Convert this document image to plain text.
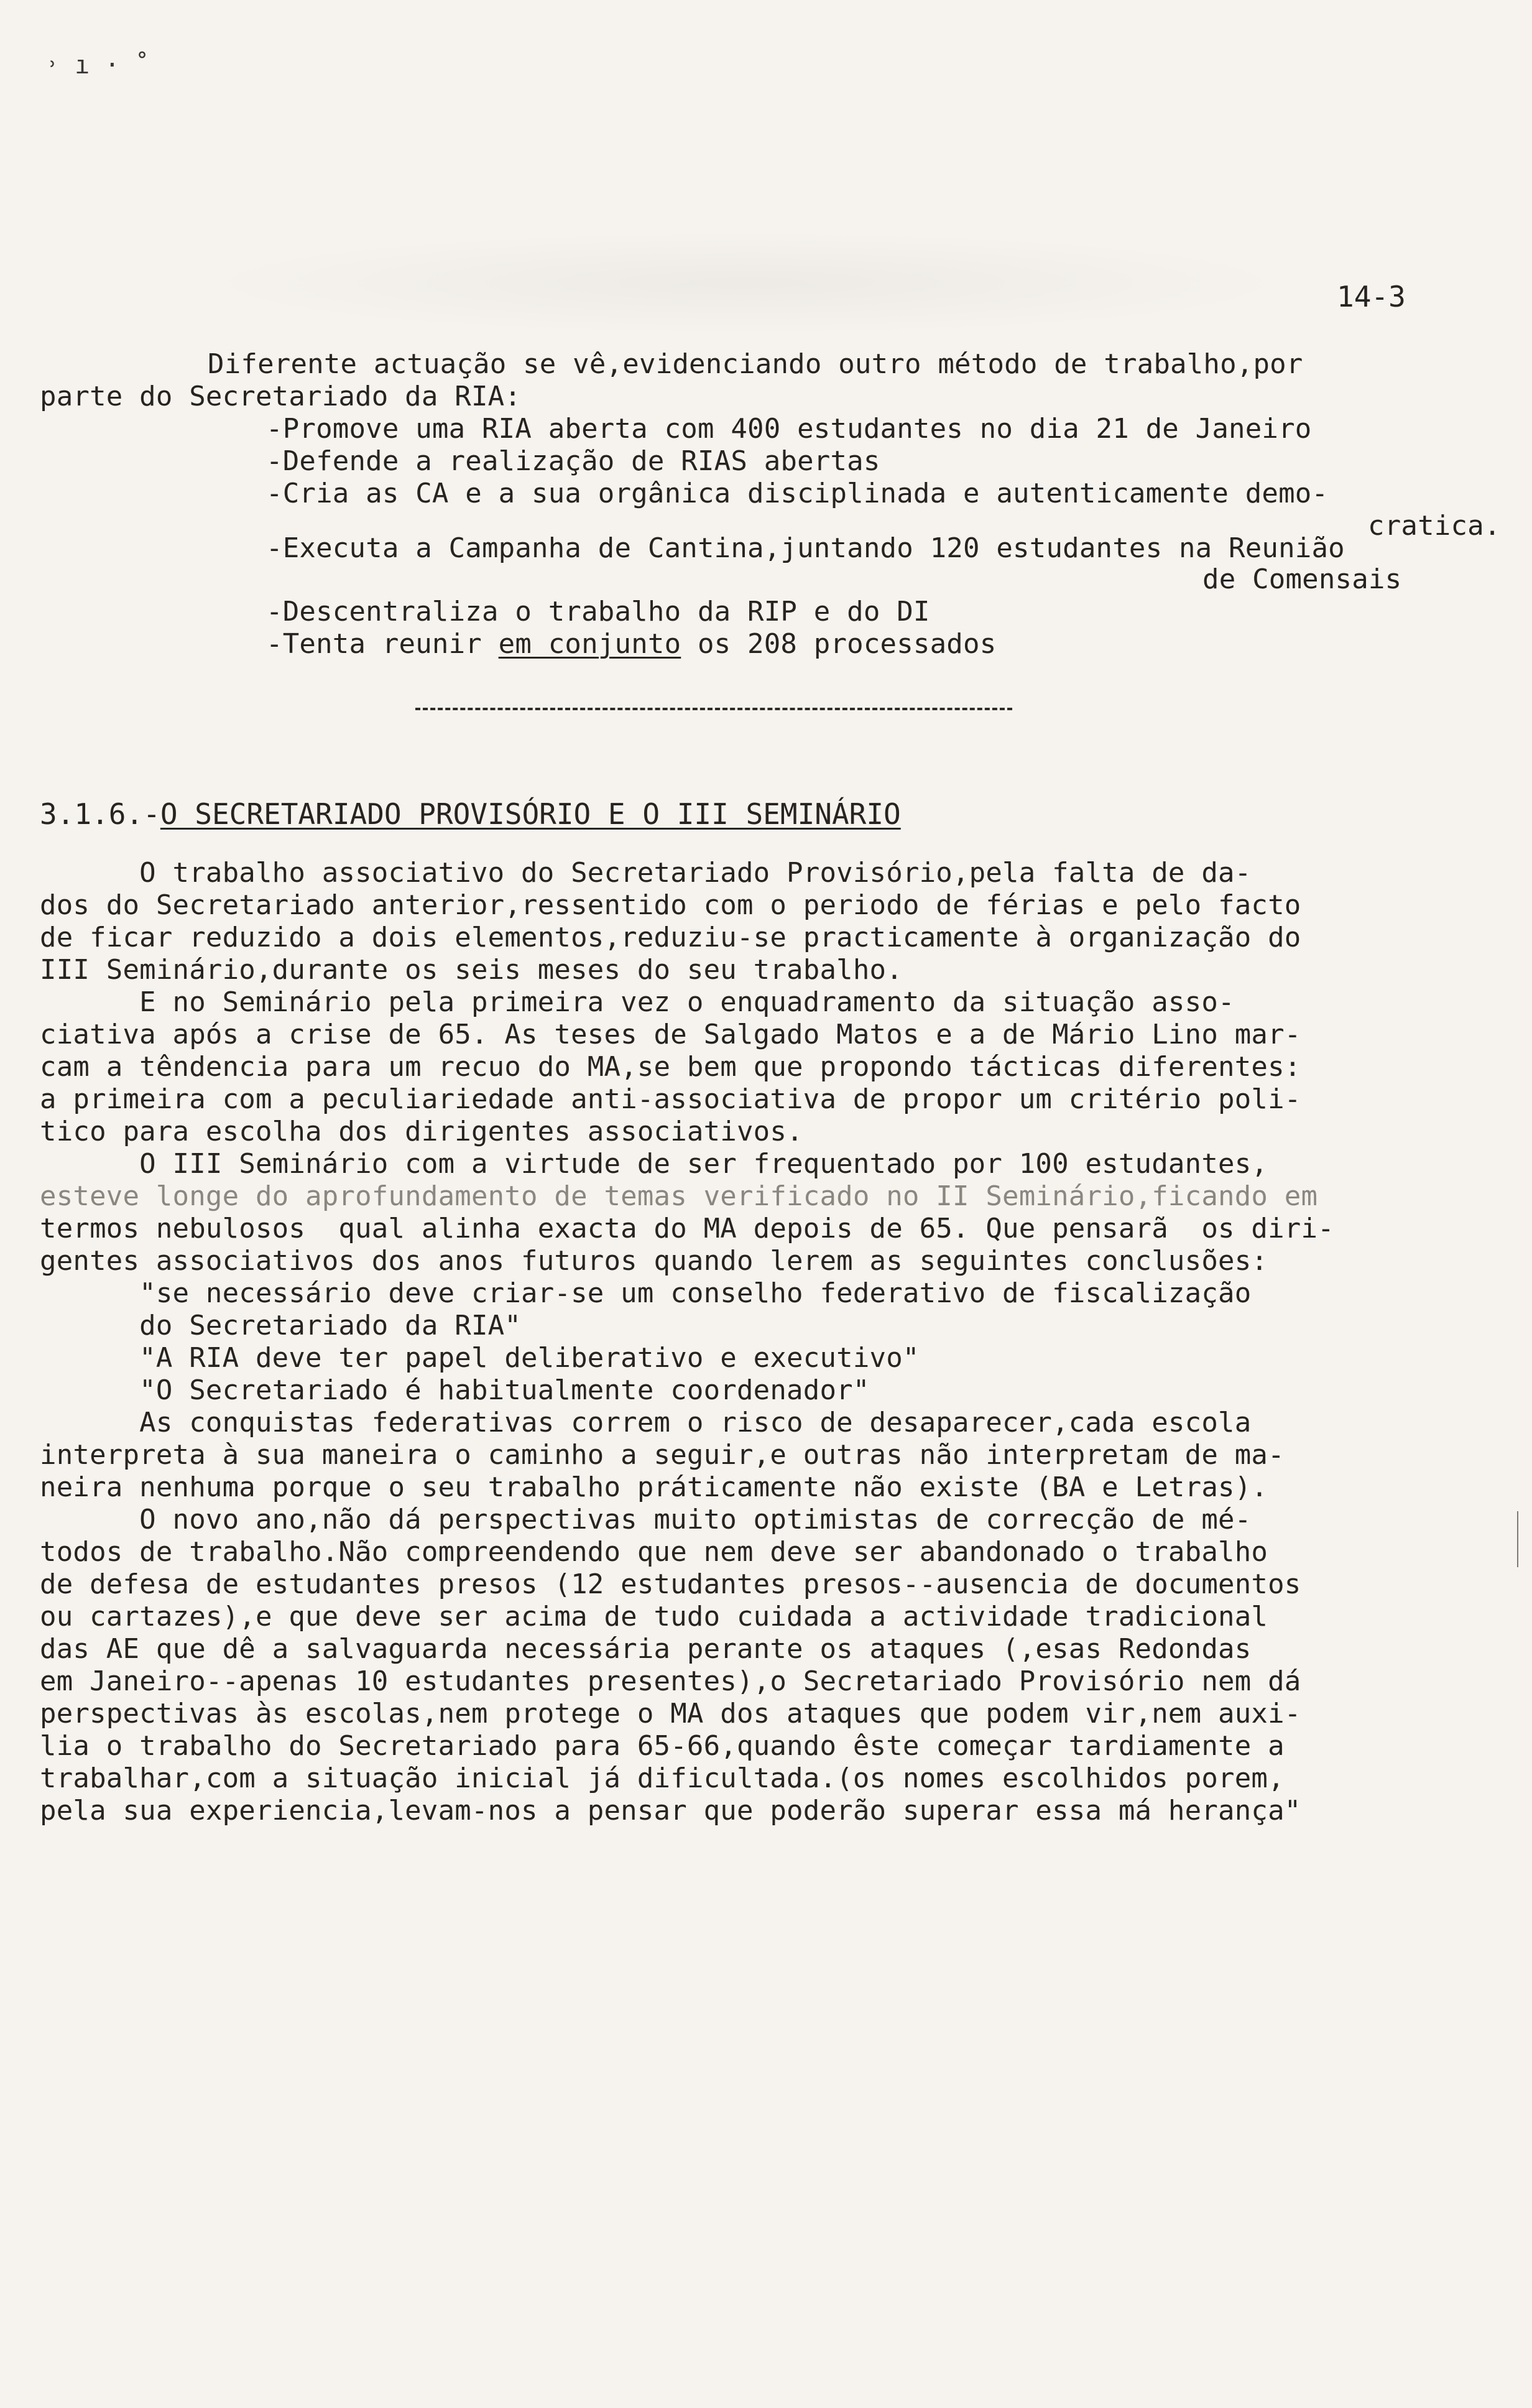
˒ ı · ˚
14-3
Diferente actuação se vê,evidenciando outro método de trabalho,por
parte do Secretariado da RIA:
-Promove uma RIA aberta com 400 estudantes no dia 21 de Janeiro
-Defende a realização de RIAS abertas
-Cria as CA e a sua orgânica disciplinada e autenticamente demo-
cratica.
-Executa a Campanha de Cantina,juntando 120 estudantes na Reunião
de Comensais
-Descentraliza o trabalho da RIP e do DI
-Tenta reunir em conjunto os 208 processados
3.1.6.-O SECRETARIADO PROVISÓRIO E O III SEMINÁRIO
O trabalho associativo do Secretariado Provisório,pela falta de da-
dos do Secretariado anterior,ressentido com o periodo de férias e pelo facto
de ficar reduzido a dois elementos,reduziu-se practicamente à organização do
III Seminário,durante os seis meses do seu trabalho.
E no Seminário pela primeira vez o enquadramento da situação asso-
ciativa após a crise de 65. As teses de Salgado Matos e a de Mário Lino mar-
cam a têndencia para um recuo do MA,se bem que propondo tácticas diferentes:
a primeira com a peculiariedade anti-associativa de propor um critério poli-
tico para escolha dos dirigentes associativos.
O III Seminário com a virtude de ser frequentado por 100 estudantes,
esteve longe do aprofundamento de temas verificado no II Seminário,ficando em
termos nebulosos  qual alinha exacta do MA depois de 65. Que pensarã  os diri-
gentes associativos dos anos futuros quando lerem as seguintes conclusões:
"se necessário deve criar-se um conselho federativo de fiscalização
do Secretariado da RIA"
"A RIA deve ter papel deliberativo e executivo"
"O Secretariado é habitualmente coordenador"
As conquistas federativas correm o risco de desaparecer,cada escola
interpreta à sua maneira o caminho a seguir,e outras não interpretam de ma-
neira nenhuma porque o seu trabalho práticamente não existe (BA e Letras).
O novo ano,não dá perspectivas muito optimistas de correcção de mé-
todos de trabalho.Não compreendendo que nem deve ser abandonado o trabalho
de defesa de estudantes presos (12 estudantes presos--ausencia de documentos
ou cartazes),e que deve ser acima de tudo cuidada a actividade tradicional
das AE que dê a salvaguarda necessária perante os ataques (,esas Redondas
em Janeiro--apenas 10 estudantes presentes),o Secretariado Provisório nem dá
perspectivas às escolas,nem protege o MA dos ataques que podem vir,nem auxi-
lia o trabalho do Secretariado para 65-66,quando êste começar tardiamente a
trabalhar,com a situação inicial já dificultada.(os nomes escolhidos porem,
pela sua experiencia,levam-nos a pensar que poderão superar essa má herança"
